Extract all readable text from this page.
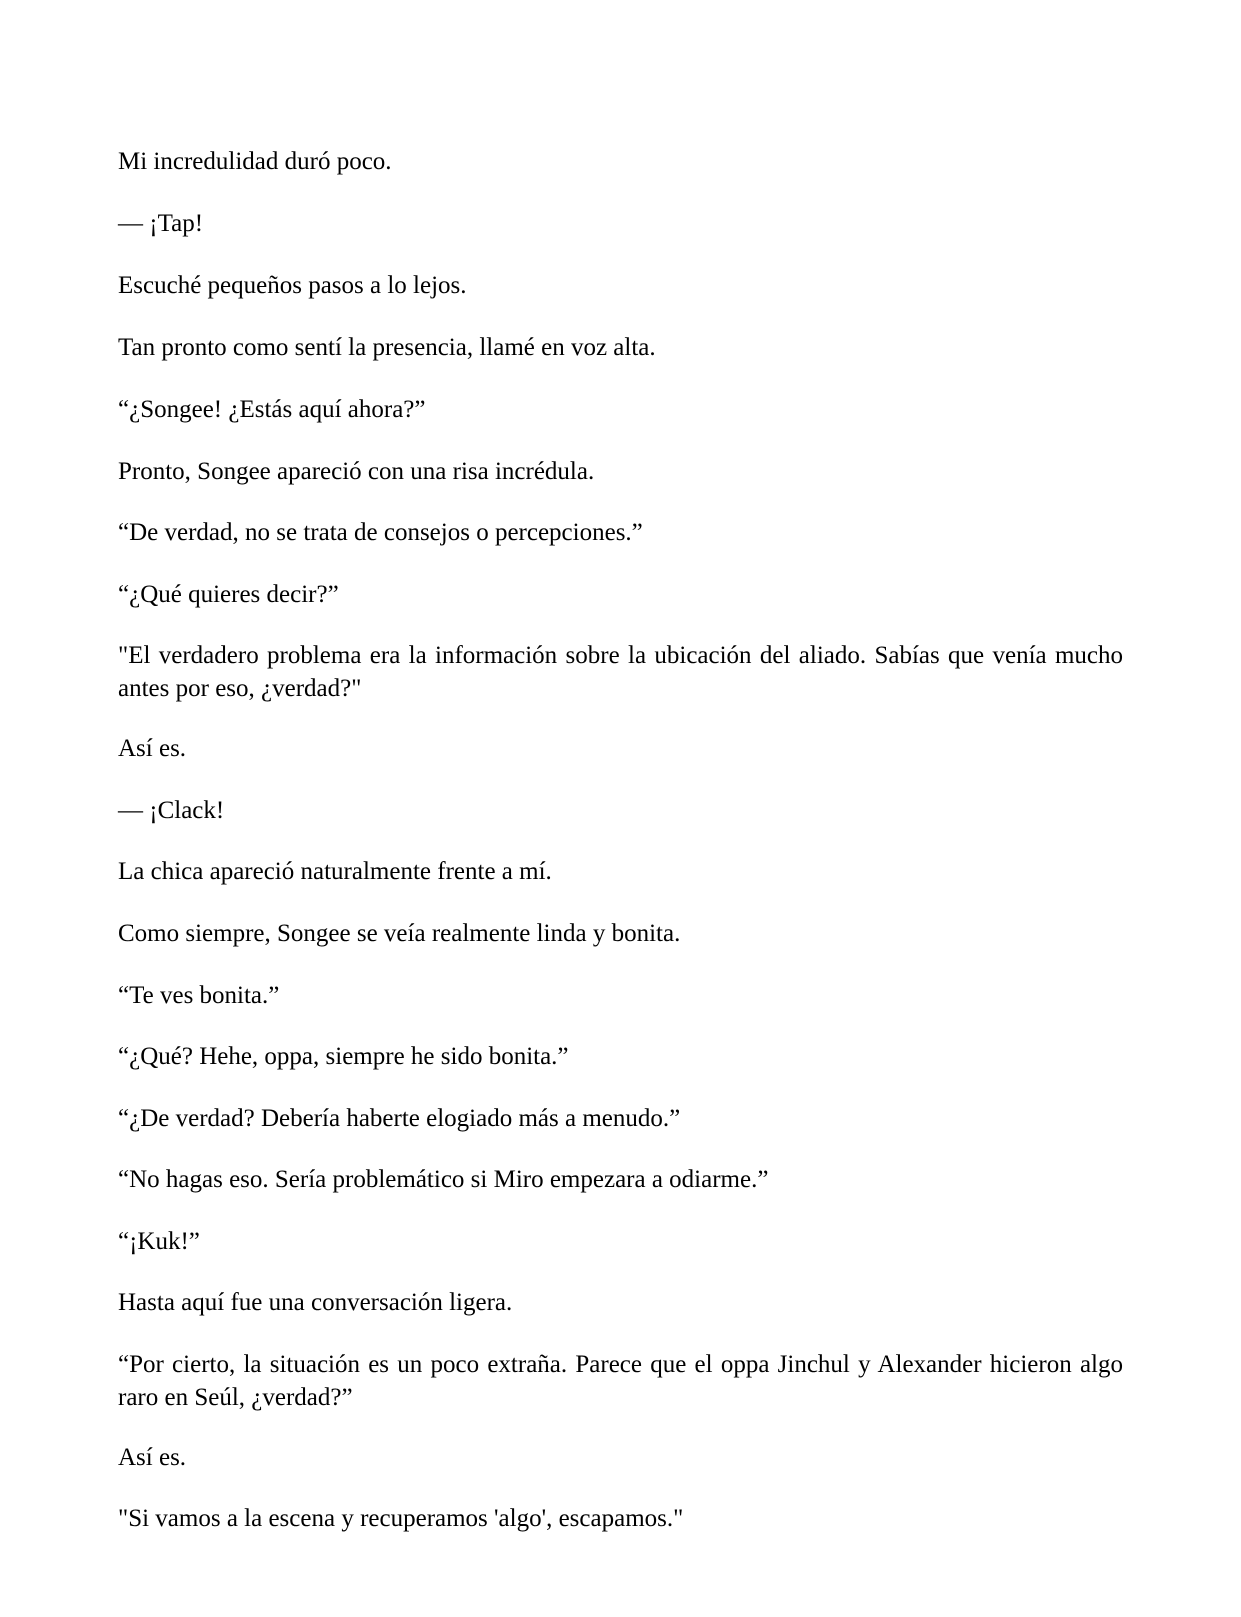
Mi incredulidad duró poco.

— ¡Tap!

Escuché pequeños pasos a lo lejos.

Tan pronto como sentí la presencia, llamé en voz alta.

“¿Songee! ¿Estás aquí ahora?”

Pronto, Songee apareció con una risa incrédula.

“De verdad, no se trata de consejos o percepciones.”

“¿Qué quieres decir?”

"El verdadero problema era la información sobre la ubicación del aliado. Sabías que venía mucho antes por eso, ¿verdad?"

Así es.

— ¡Clack!

La chica apareció naturalmente frente a mí.

Como siempre, Songee se veía realmente linda y bonita.

“Te ves bonita.”

“¿Qué? Hehe, oppa, siempre he sido bonita.”

“¿De verdad? Debería haberte elogiado más a menudo.”

“No hagas eso. Sería problemático si Miro empezara a odiarme.”

“¡Kuk!”

Hasta aquí fue una conversación ligera.

“Por cierto, la situación es un poco extraña. Parece que el oppa Jinchul y Alexander hicieron algo raro en Seúl, ¿verdad?”

Así es.

"Si vamos a la escena y recuperamos 'algo', escapamos."
